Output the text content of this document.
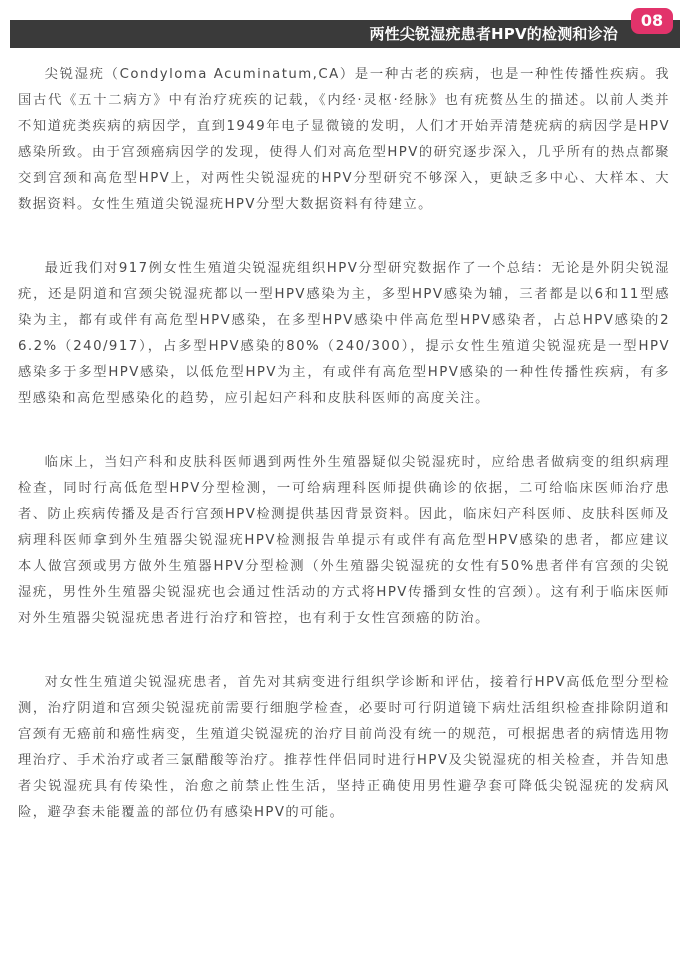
两性尖锐湿疣患者HPV的检测和诊治
08

尖锐湿疣（Condyloma Acuminatum,CA）是一种古老的疾病，也是一种性传播性疾病。我国古代《五十二病方》中有治疗疣疾的记载，《内经·灵枢·经脉》也有疣赘丛生的描述。以前人类并不知道疣类疾病的病因学，直到1949年电子显微镜的发明，人们才开始弄清楚疣病的病因学是HPV感染所致。由于宫颈癌病因学的发现，使得人们对高危型HPV的研究逐步深入，几乎所有的热点都聚交到宫颈和高危型HPV上，对两性尖锐湿疣的HPV分型研究不够深入，更缺乏多中心、大样本、大数据资料。女性生殖道尖锐湿疣HPV分型大数据资料有待建立。

最近我们对917例女性生殖道尖锐湿疣组织HPV分型研究数据作了一个总结：无论是外阴尖锐湿疣，还是阴道和宫颈尖锐湿疣都以一型HPV感染为主，多型HPV感染为辅，三者都是以6和11型感染为主，都有或伴有高危型HPV感染，在多型HPV感染中伴高危型HPV感染者，占总HPV感染的26.2%（240/917），占多型HPV感染的80%（240/300），提示女性生殖道尖锐湿疣是一型HPV感染多于多型HPV感染，以低危型HPV为主，有或伴有高危型HPV感染的一种性传播性疾病，有多型感染和高危型感染化的趋势，应引起妇产科和皮肤科医师的高度关注。

临床上，当妇产科和皮肤科医师遇到两性外生殖器疑似尖锐湿疣时，应给患者做病变的组织病理检查，同时行高低危型HPV分型检测，一可给病理科医师提供确诊的依据，二可给临床医师治疗患者、防止疾病传播及是否行宫颈HPV检测提供基因背景资料。因此，临床妇产科医师、皮肤科医师及病理科医师拿到外生殖器尖锐湿疣HPV检测报告单提示有或伴有高危型HPV感染的患者，都应建议本人做宫颈或男方做外生殖器HPV分型检测（外生殖器尖锐湿疣的女性有50%患者伴有宫颈的尖锐湿疣，男性外生殖器尖锐湿疣也会通过性活动的方式将HPV传播到女性的宫颈）。这有利于临床医师对外生殖器尖锐湿疣患者进行治疗和管控，也有利于女性宫颈癌的防治。

对女性生殖道尖锐湿疣患者，首先对其病变进行组织学诊断和评估，接着行HPV高低危型分型检测，治疗阴道和宫颈尖锐湿疣前需要行细胞学检查，必要时可行阴道镜下病灶活组织检查排除阴道和宫颈有无癌前和癌性病变，生殖道尖锐湿疣的治疗目前尚没有统一的规范，可根据患者的病情选用物理治疗、手术治疗或者三氯醋酸等治疗。推荐性伴侣同时进行HPV及尖锐湿疣的相关检查，并告知患者尖锐湿疣具有传染性，治愈之前禁止性生活，坚持正确使用男性避孕套可降低尖锐湿疣的发病风险，避孕套未能覆盖的部位仍有感染HPV的可能。
